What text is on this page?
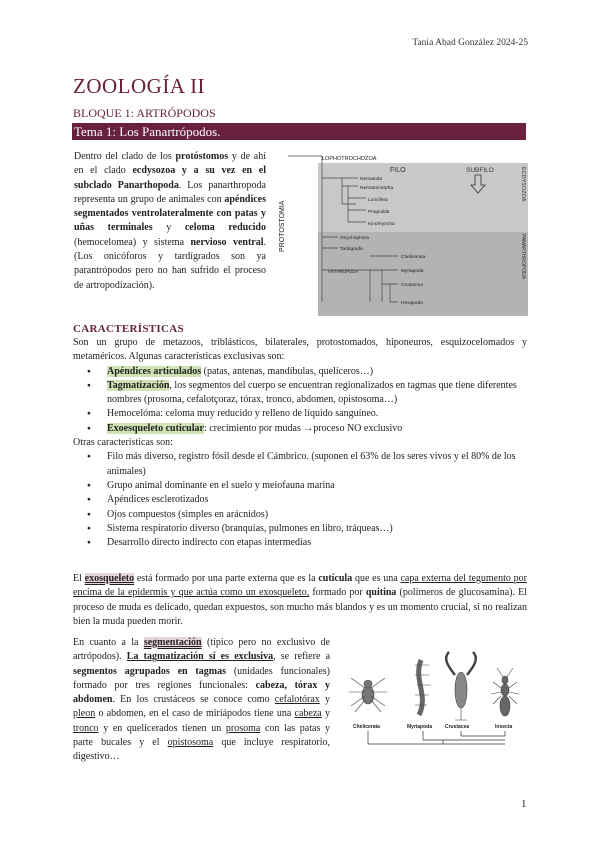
Tania Abad González 2024-25
ZOOLOGÍA II
BLOQUE 1: ARTRÓPODOS
Tema 1: Los Panartrópodos.
Dentro del clado de los protóstomos y de ahí en el clado ecdysozoa y a su vez en el subclado Panarthopoda. Los panarthropoda representa un grupo de animales con apéndices segmentados ventrolateralmente con patas y uñas terminales y celoma reducido (hemocelomea) y sistema nervioso ventral. (Los onicóforos y tardígrados son ya parantrópodos pero no han sufrido el proceso de artropodización).
LOPHOTROCHOZOA
PROTOSTOMIA
FILO	SUBFILO	ECDYSOZOA
PANARTHROPODA
Nematoda
Nematomorpha
Loricifera
Priapulida
Kinorhyncha
Onychophora
Tardigrada
ARTHROPODA
Chelicerata
Myriapoda
Crustacea
Hexapoda
CARACTERÍSTICAS
Son un grupo de metazoos, triblásticos, bilaterales, protostomados, hiponeuros, esquizocelomados y metaméricos. Algunas características exclusivas son:
● Apéndices articulados (patas, antenas, mandíbulas, quelíceros…)
● Tagmatización, los segmentos del cuerpo se encuentran regionalizados en tagmas que tiene diferentes nombres (prosoma, cefalotçoraz, tórax, tronco, abdomen, opistosoma…)
● Hemocelóma: celoma muy reducido y relleno de líquido sanguíneo.
● Exoesqueleto cuticular: crecimiento por mudas →proceso NO exclusivo
Otras características son:
● Filo más diverso, registro fósil desde el Cámbrico. (suponen el 63% de los seres vivos y el 80% de los animales)
● Grupo animal dominante en el suelo y meiofauna marina
● Apéndices esclerotizados
● Ojos compuestos (simples en arácnidos)
● Sistema respiratorio diverso (branquias, pulmones en libro, tráqueas…)
● Desarrollo directo indirecto con etapas intermedias
El exosqueleto está formado por una parte externa que es la cutícula que es una capa externa del tegumento por encima de la epidermis y que actúa como un exosqueleto, formado por quitina (polímeros de glucosamina). El proceso de muda es delicado, quedan expuestos, son mucho más blandos y es un momento crucial, si no realizan bien la muda pueden morir.
En cuanto a la segmentación (típico pero no exclusivo de artrópodos). La tagmatización sí es exclusiva, se refiere a segmentos agrupados en tagmas (unidades funcionales) formado por tres regiones funcionales: cabeza, tórax y abdomen. En los crustáceos se conoce como cefalotórax y pleon o abdomen, en el caso de miriápodos tiene una cabeza y tronco y en quelicerados tienen un prosoma con las patas y parte bucales y el opistosoma que incluye respiratorio, digestivo…
Chelicerata	Myriapoda	Crustacea	Insecta
1
